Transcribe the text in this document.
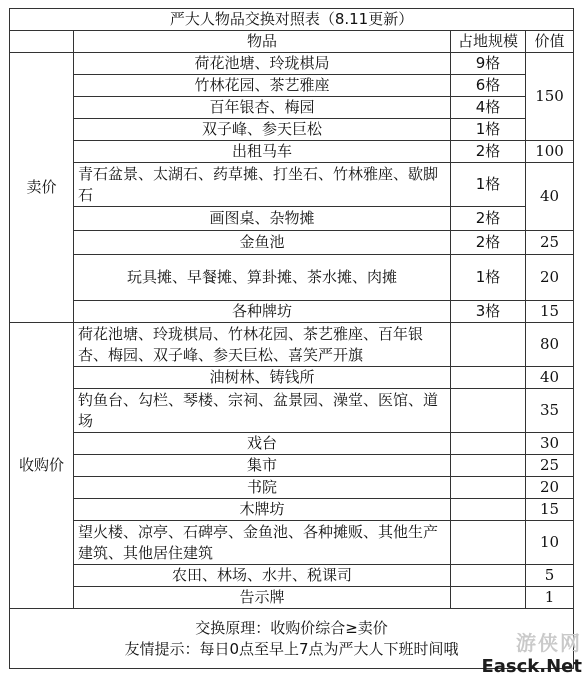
严大人物品交换对照表（8.11更新）			
	物品	占地规模	价值
卖价	荷花池塘、玲珑棋局	9格	150
	竹林花园、茶艺雅座	6格	
	百年银杏、梅园	4格	
	双子峰、参天巨松	1格	
	出租马车	2格	100
	青石盆景、太湖石、药草摊、打坐石、竹林雅座、歇脚石	1格	40
	画图桌、杂物摊	2格	
	金鱼池	2格	25
	玩具摊、早餐摊、算卦摊、茶水摊、肉摊	1格	20
	各种牌坊	3格	15
收购价	荷花池塘、玲珑棋局、竹林花园、茶艺雅座、百年银杏、梅园、双子峰、参天巨松、喜笑严开旗		80
	油树林、铸钱所		40
	钓鱼台、勾栏、琴楼、宗祠、盆景园、澡堂、医馆、道场		35
	戏台		30
	集市		25
	书院		20
	木牌坊		15
	望火楼、凉亭、石碑亭、金鱼池、各种摊贩、其他生产建筑、其他居住建筑		10
	农田、林场、水井、税课司		5
	告示牌		1

交换原理：收购价综合≥卖价
友情提示：每日0点至早上7点为严大人下班时间哦				游侠网
Easck.Net
